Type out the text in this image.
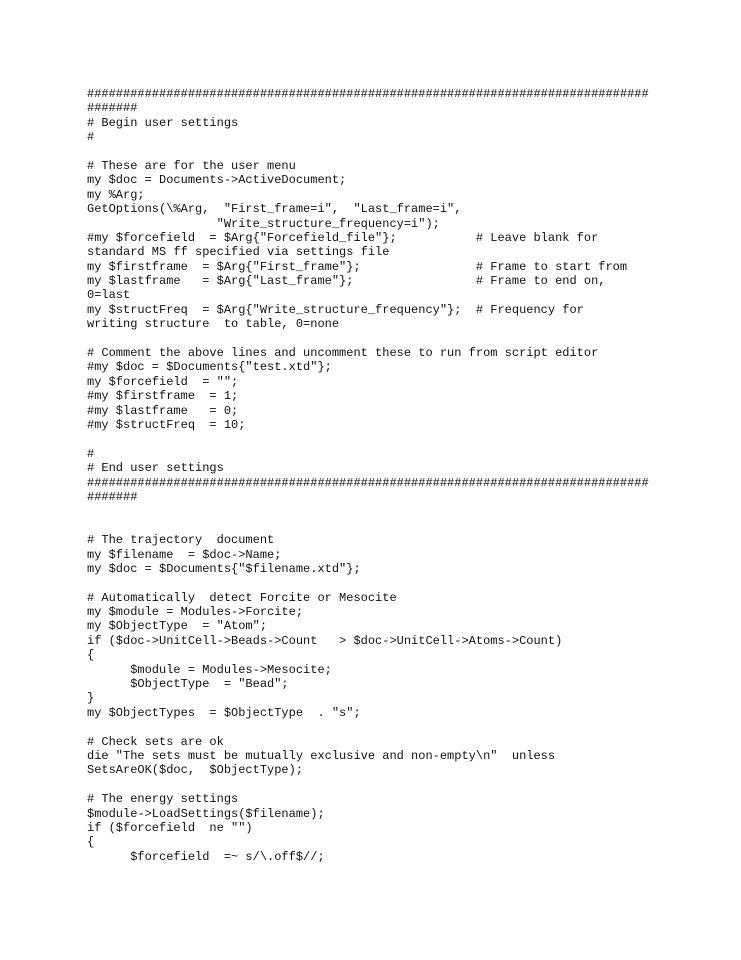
##############################################################################
#######
# Begin user settings
#
# These are for the user menu
my $doc = Documents->ActiveDocument;
my %Arg;
GetOptions(\%Arg,  "First_frame=i",  "Last_frame=i",
"Write_structure_frequency=i");
#my $forcefield  = $Arg{"Forcefield_file"};           # Leave blank for
standard MS ff specified via settings file
my $firstframe  = $Arg{"First_frame"};                # Frame to start from
my $lastframe   = $Arg{"Last_frame"};                 # Frame to end on,
0=last
my $structFreq  = $Arg{"Write_structure_frequency"};  # Frequency for
writing structure  to table, 0=none
# Comment the above lines and uncomment these to run from script editor
#my $doc = $Documents{"test.xtd"};
my $forcefield  = "";
#my $firstframe  = 1;
#my $lastframe   = 0;
#my $structFreq  = 10;
#
# End user settings
##############################################################################
#######
# The trajectory  document
my $filename  = $doc->Name;
my $doc = $Documents{"$filename.xtd"};
# Automatically  detect Forcite or Mesocite
my $module = Modules->Forcite;
my $ObjectType  = "Atom";
if ($doc->UnitCell->Beads->Count   > $doc->UnitCell->Atoms->Count)
{
$module = Modules->Mesocite;
$ObjectType  = "Bead";
}
my $ObjectTypes  = $ObjectType  . "s";
# Check sets are ok
die "The sets must be mutually exclusive and non-empty\n"  unless
SetsAreOK($doc,  $ObjectType);
# The energy settings
$module->LoadSettings($filename);
if ($forcefield  ne "")
{
$forcefield  =~ s/\.off$//;
